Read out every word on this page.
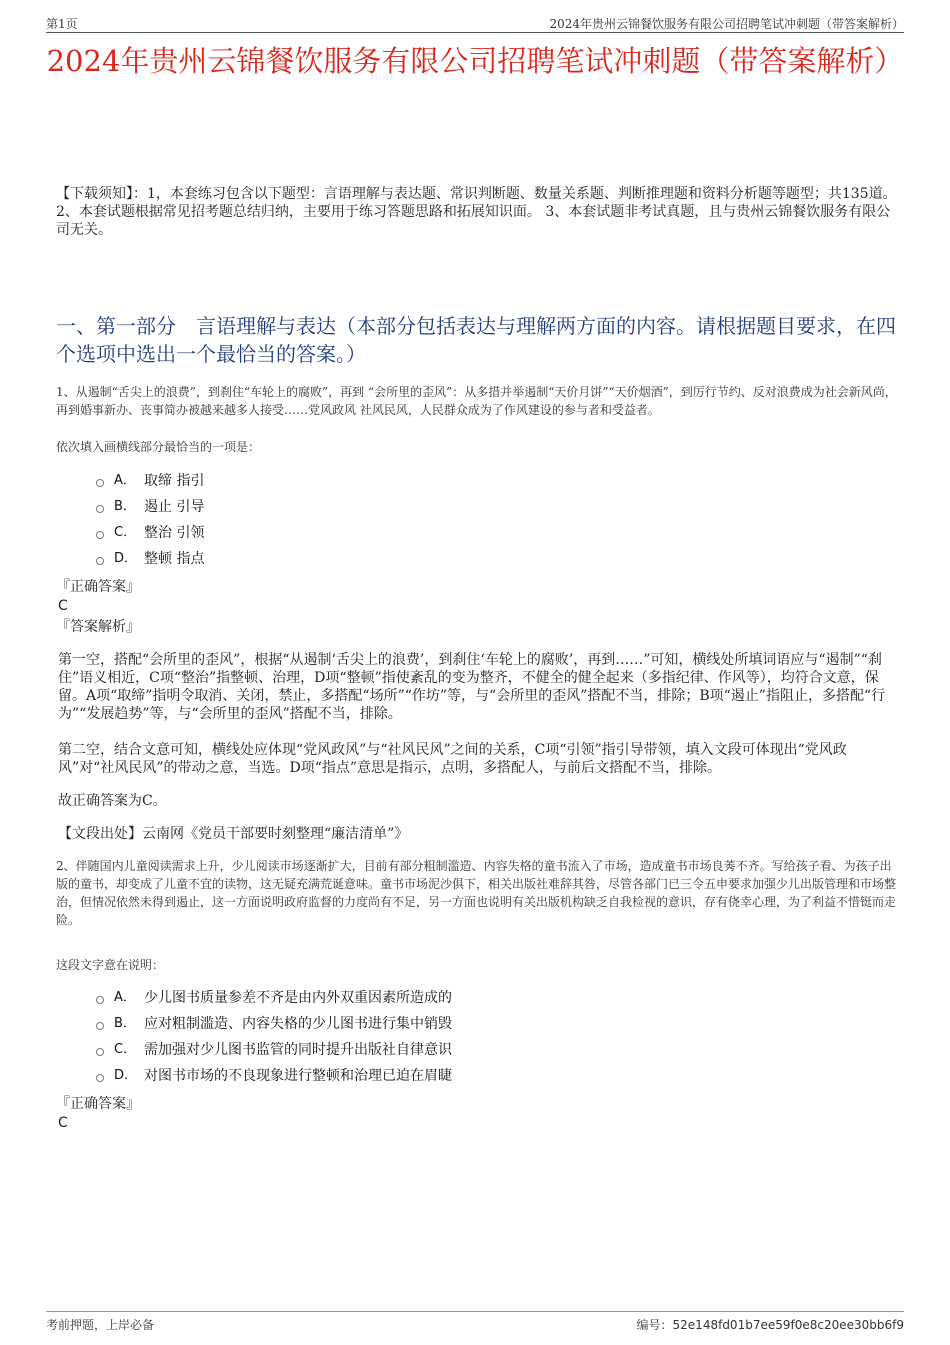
第1页	2024年贵州云锦餐饮服务有限公司招聘笔试冲刺题（带答案解析）
2024年贵州云锦餐饮服务有限公司招聘笔试冲刺题（带答案解析）

【下载须知】：1，本套练习包含以下题型：言语理解与表达题、常识判断题、数量关系题、判断推理题和资料分析题等题型；共135道。 2、本套试题根据常见招考题总结归纳，主要用于练习答题思路和拓展知识面。 3、本套试题非考试真题，且与贵州云锦餐饮服务有限公司无关。

一、第一部分　言语理解与表达（本部分包括表达与理解两方面的内容。请根据题目要求，在四个选项中选出一个最恰当的答案。）

1、从遏制“舌尖上的浪费”，到刹住“车轮上的腐败”，再到 “会所里的歪风”：从多措并举遏制“天价月饼”“天价烟酒”，到厉行节约、反对浪费成为社会新风尚，再到婚事新办、丧事简办被越来越多人接受……党风政风 社风民风，人民群众成为了作风建设的参与者和受益者。

依次填入画横线部分最恰当的一项是：

A． 取缔 指引
B． 遏止 引导
C． 整治 引领
D． 整顿 指点

『正确答案』

C

『答案解析』

第一空，搭配“会所里的歪风”，根据“从遏制‘舌尖上的浪费’，到刹住‘车轮上的腐败’，再到……”可知，横线处所填词语应与“遏制”“刹住”语义相近，C项“整治”指整顿、治理，D项“整顿”指使紊乱的变为整齐，不健全的健全起来（多指纪律、作风等），均符合文意，保留。A项“取缔”指明令取消、关闭，禁止，多搭配“场所”“作坊”等，与“会所里的歪风”搭配不当，排除；B项“遏止”指阻止，多搭配“行为”“发展趋势”等，与“会所里的歪风”搭配不当，排除。

第二空，结合文意可知，横线处应体现“党风政风”与“社风民风”之间的关系，C项“引领”指引导带领，填入文段可体现出“党风政风”对“社风民风”的带动之意，当选。D项“指点”意思是指示，点明，多搭配人，与前后文搭配不当，排除。

故正确答案为C。

【文段出处】云南网《党员干部要时刻整理“廉洁清单”》

2、伴随国内儿童阅读需求上升，少儿阅读市场逐渐扩大，目前有部分粗制滥造、内容失格的童书流入了市场，造成童书市场良莠不齐。写给孩子看、为孩子出版的童书，却变成了儿童不宜的读物，这无疑充满荒诞意味。童书市场泥沙俱下，相关出版社难辞其咎，尽管各部门已三令五申要求加强少儿出版管理和市场整治，但情况依然未得到遏止，这一方面说明政府监督的力度尚有不足，另一方面也说明有关出版机构缺乏自我检视的意识，存有侥幸心理，为了利益不惜铤而走险。

这段文字意在说明：

A． 少儿图书质量参差不齐是由内外双重因素所造成的
B． 应对粗制滥造、内容失格的少儿图书进行集中销毁
C． 需加强对少儿图书监管的同时提升出版社自律意识
D． 对图书市场的不良现象进行整顿和治理已迫在眉睫

『正确答案』

C

考前押题，上岸必备	编号：52e148fd01b7ee59f0e8c20ee30bb6f9
